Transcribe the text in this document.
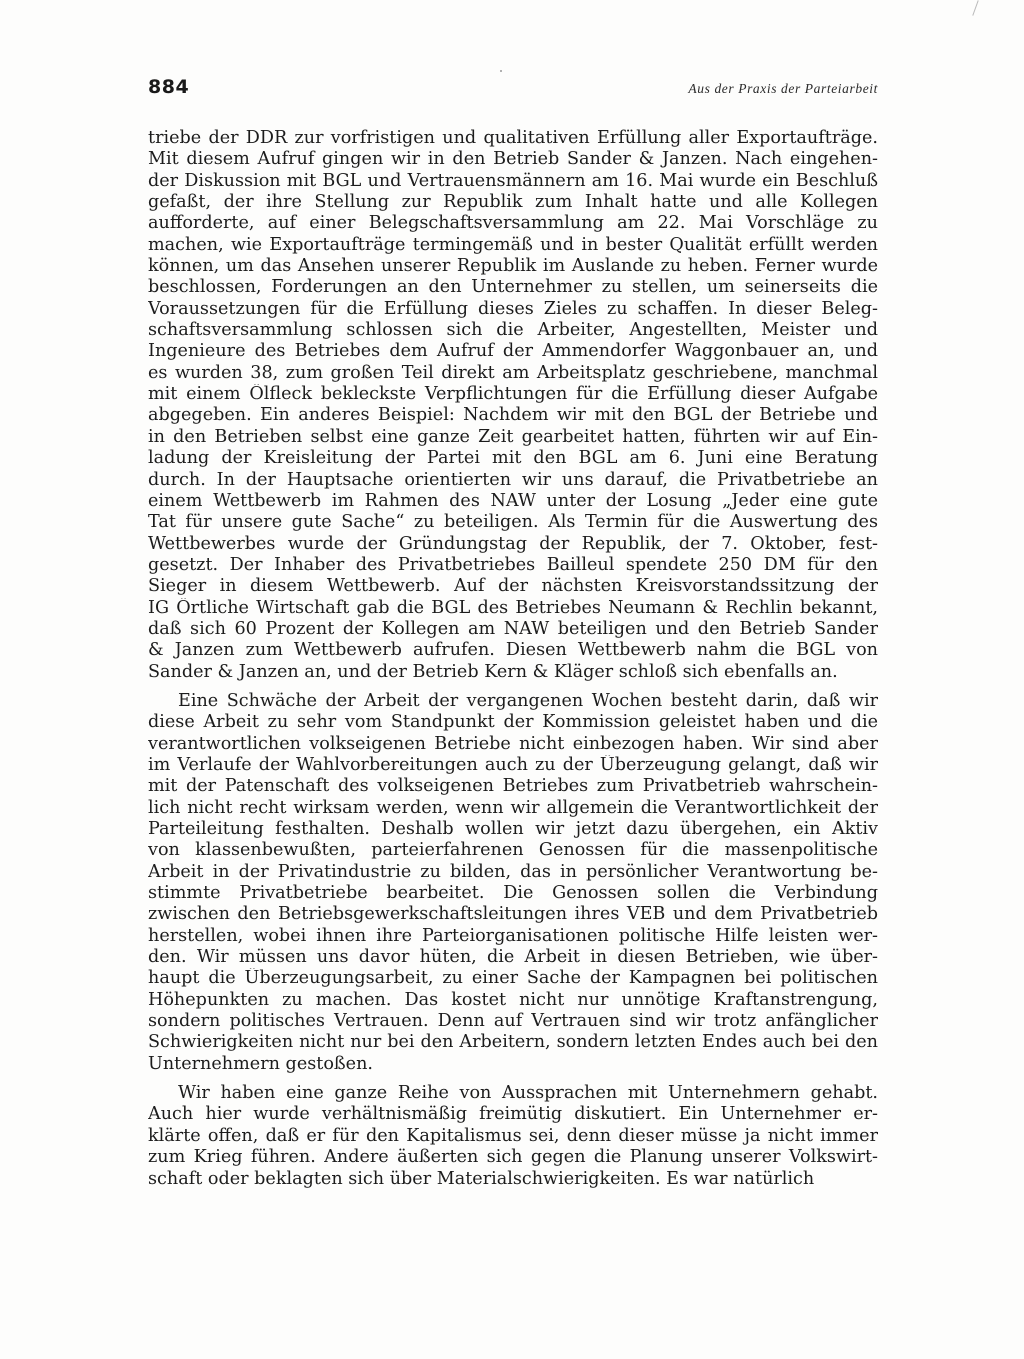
884	Aus der Praxis der Parteiarbeit
triebe der DDR zur vorfristigen und qualitativen Erfüllung aller Exportaufträge.
Mit diesem Aufruf gingen wir in den Betrieb Sander & Janzen. Nach eingehen-
der Diskussion mit BGL und Vertrauensmännern am 16. Mai wurde ein Beschluß
gefaßt, der ihre Stellung zur Republik zum Inhalt hatte und alle Kollegen
aufforderte, auf einer Belegschaftsversammlung am 22. Mai Vorschläge zu
machen, wie Exportaufträge termingemäß und in bester Qualität erfüllt werden
können, um das Ansehen unserer Republik im Auslande zu heben. Ferner wurde
beschlossen, Forderungen an den Unternehmer zu stellen, um seinerseits die
Voraussetzungen für die Erfüllung dieses Zieles zu schaffen. In dieser Beleg-
schaftsversammlung schlossen sich die Arbeiter, Angestellten, Meister und
Ingenieure des Betriebes dem Aufruf der Ammendorfer Waggonbauer an, und
es wurden 38, zum großen Teil direkt am Arbeitsplatz geschriebene, manchmal
mit einem Ölfleck bekleckste Verpflichtungen für die Erfüllung dieser Aufgabe
abgegeben. Ein anderes Beispiel: Nachdem wir mit den BGL der Betriebe und
in den Betrieben selbst eine ganze Zeit gearbeitet hatten, führten wir auf Ein-
ladung der Kreisleitung der Partei mit den BGL am 6. Juni eine Beratung
durch. In der Hauptsache orientierten wir uns darauf, die Privatbetriebe an
einem Wettbewerb im Rahmen des NAW unter der Losung „Jeder eine gute
Tat für unsere gute Sache“ zu beteiligen. Als Termin für die Auswertung des
Wettbewerbes wurde der Gründungstag der Republik, der 7. Oktober, fest-
gesetzt. Der Inhaber des Privatbetriebes Bailleul spendete 250 DM für den
Sieger in diesem Wettbewerb. Auf der nächsten Kreisvorstandssitzung der
IG Örtliche Wirtschaft gab die BGL des Betriebes Neumann & Rechlin bekannt,
daß sich 60 Prozent der Kollegen am NAW beteiligen und den Betrieb Sander
& Janzen zum Wettbewerb aufrufen. Diesen Wettbewerb nahm die BGL von
Sander & Janzen an, und der Betrieb Kern & Kläger schloß sich ebenfalls an.
Eine Schwäche der Arbeit der vergangenen Wochen besteht darin, daß wir
diese Arbeit zu sehr vom Standpunkt der Kommission geleistet haben und die
verantwortlichen volkseigenen Betriebe nicht einbezogen haben. Wir sind aber
im Verlaufe der Wahlvorbereitungen auch zu der Überzeugung gelangt, daß wir
mit der Patenschaft des volkseigenen Betriebes zum Privatbetrieb wahrschein-
lich nicht recht wirksam werden, wenn wir allgemein die Verantwortlichkeit der
Parteileitung festhalten. Deshalb wollen wir jetzt dazu übergehen, ein Aktiv
von klassenbewußten, parteierfahrenen Genossen für die massenpolitische
Arbeit in der Privatindustrie zu bilden, das in persönlicher Verantwortung be-
stimmte Privatbetriebe bearbeitet. Die Genossen sollen die Verbindung
zwischen den Betriebsgewerkschaftsleitungen ihres VEB und dem Privatbetrieb
herstellen, wobei ihnen ihre Parteiorganisationen politische Hilfe leisten wer-
den. Wir müssen uns davor hüten, die Arbeit in diesen Betrieben, wie über-
haupt die Überzeugungsarbeit, zu einer Sache der Kampagnen bei politischen
Höhepunkten zu machen. Das kostet nicht nur unnötige Kraftanstrengung,
sondern politisches Vertrauen. Denn auf Vertrauen sind wir trotz anfänglicher
Schwierigkeiten nicht nur bei den Arbeitern, sondern letzten Endes auch bei den
Unternehmern gestoßen.
Wir haben eine ganze Reihe von Aussprachen mit Unternehmern gehabt.
Auch hier wurde verhältnismäßig freimütig diskutiert. Ein Unternehmer er-
klärte offen, daß er für den Kapitalismus sei, denn dieser müsse ja nicht immer
zum Krieg führen. Andere äußerten sich gegen die Planung unserer Volkswirt-
schaft oder beklagten sich über Materialschwierigkeiten. Es war natürlich
